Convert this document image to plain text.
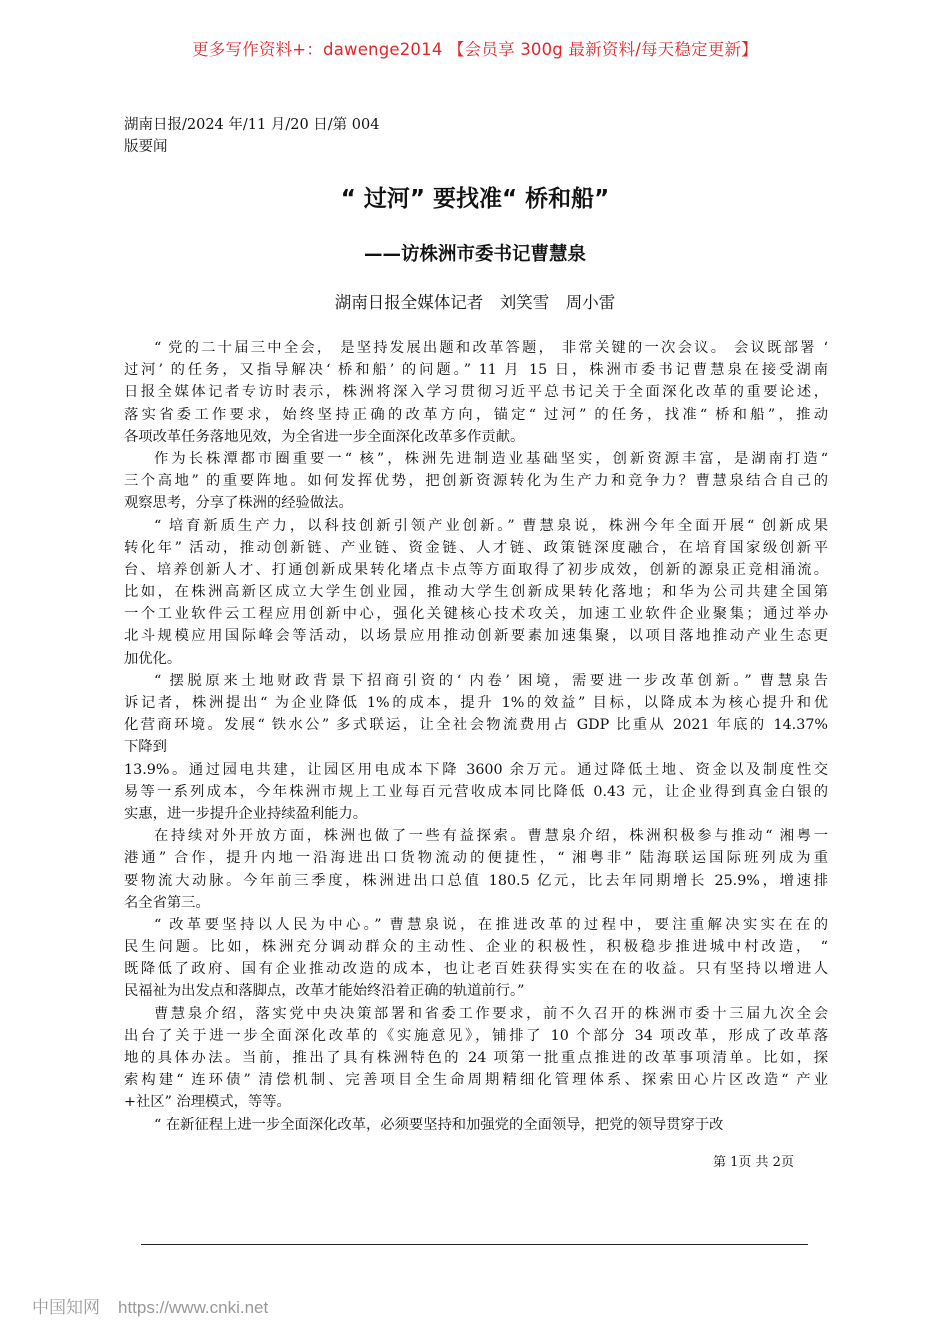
更多写作资料+：dawenge2014 【会员享 300g 最新资料/每天稳定更新】
湖南日报/2024 年/11 月/20 日/第 004
版要闻
“ 过河” 要找准“ 桥和船”
——访株洲市委书记曹慧泉
湖南日报全媒体记者　刘笑雪　周小雷
“ 党的二十届三中全会， 是坚持发展出题和改革答题， 非常关键的一次会议。 会议既部署 ‘
过河’ 的任务，又指导解决‘ 桥和船’ 的问题。” 11 月 15 日，株洲市委书记曹慧泉在接受湖南
日报全媒体记者专访时表示，株洲将深入学习贯彻习近平总书记关于全面深化改革的重要论述，
落实省委工作要求，始终坚持正确的改革方向，锚定“ 过河” 的任务，找准“ 桥和船”，推动
各项改革任务落地见效，为全省进一步全面深化改革多作贡献。
作为长株潭都市圈重要一“ 核”，株洲先进制造业基础坚实，创新资源丰富，是湖南打造“
三个高地” 的重要阵地。如何发挥优势，把创新资源转化为生产力和竞争力？曹慧泉结合自己的
观察思考，分享了株洲的经验做法。
“ 培育新质生产力，以科技创新引领产业创新。” 曹慧泉说，株洲今年全面开展“ 创新成果
转化年” 活动，推动创新链、产业链、资金链、人才链、政策链深度融合，在培育国家级创新平
台、培养创新人才、打通创新成果转化堵点卡点等方面取得了初步成效，创新的源泉正竞相涌流。
比如，在株洲高新区成立大学生创业园，推动大学生创新成果转化落地；和华为公司共建全国第
一个工业软件云工程应用创新中心，强化关键核心技术攻关，加速工业软件企业聚集；通过举办
北斗规模应用国际峰会等活动，以场景应用推动创新要素加速集聚，以项目落地推动产业生态更
加优化。
“ 摆脱原来土地财政背景下招商引资的‘ 内卷’ 困境，需要进一步改革创新。” 曹慧泉告
诉记者，株洲提出“ 为企业降低 1%的成本，提升 1%的效益” 目标，以降成本为核心提升和优
化营商环境。发展“ 铁水公” 多式联运，让全社会物流费用占 GDP 比重从 2021 年底的 14.37%
下降到
13.9%。通过园电共建，让园区用电成本下降 3600 余万元。通过降低土地、资金以及制度性交
易等一系列成本，今年株洲市规上工业每百元营收成本同比降低 0.43 元，让企业得到真金白银的
实惠，进一步提升企业持续盈利能力。
在持续对外开放方面，株洲也做了一些有益探索。曹慧泉介绍，株洲积极参与推动“ 湘粤一
港通” 合作，提升内地一沿海进出口货物流动的便捷性，“ 湘粤非” 陆海联运国际班列成为重
要物流大动脉。今年前三季度，株洲进出口总值 180.5 亿元，比去年同期增长 25.9%，增速排
名全省第三。
“ 改革要坚持以人民为中心。” 曹慧泉说，在推进改革的过程中，要注重解决实实在在的
民生问题。比如，株洲充分调动群众的主动性、企业的积极性，积极稳步推进城中村改造， “
既降低了政府、国有企业推动改造的成本，也让老百姓获得实实在在的收益。只有坚持以增进人
民福祉为出发点和落脚点，改革才能始终沿着正确的轨道前行。”
曹慧泉介绍，落实党中央决策部署和省委工作要求，前不久召开的株洲市委十三届九次全会
出台了关于进一步全面深化改革的《实施意见》，铺排了 10 个部分 34 项改革，形成了改革落
地的具体办法。当前，推出了具有株洲特色的 24 项第一批重点推进的改革事项清单。比如，探
索构建“ 连环债” 清偿机制、完善项目全生命周期精细化管理体系、探索田心片区改造“ 产业
+社区” 治理模式，等等。
“ 在新征程上进一步全面深化改革，必须要坚持和加强党的全面领导，把党的领导贯穿于改
第 1页 共 2页
中国知网 https://www.cnki.net
